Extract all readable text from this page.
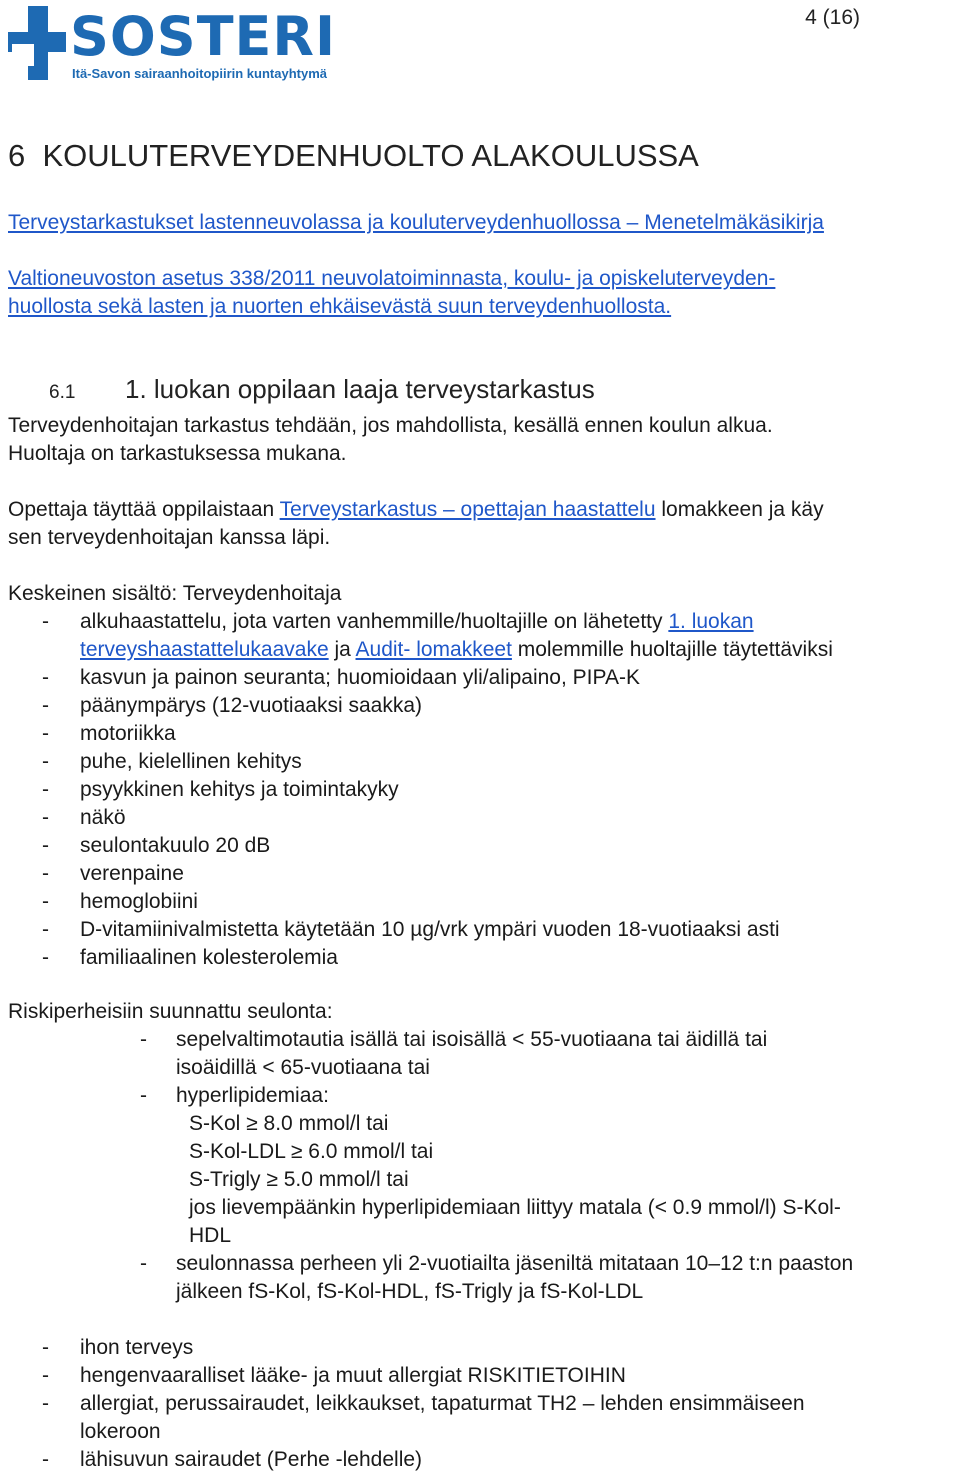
SOSTERI
Itä-Savon sairaanhoitopiirin kuntayhtymä
4 (16)
6 KOULUTERVEYDENHUOLTO ALAKOULUSSA
Terveystarkastukset lastenneuvolassa ja kouluterveydenhuollossa – Menetelmäkäsikirja
Valtioneuvoston asetus 338/2011 neuvolatoiminnasta, koulu- ja opiskeluterveyden-
huollosta sekä lasten ja nuorten ehkäisevästä suun terveydenhuollosta.
6.1 1. luokan oppilaan laaja terveystarkastus
Terveydenhoitajan tarkastus tehdään, jos mahdollista, kesällä ennen koulun alkua.
Huoltaja on tarkastuksessa mukana.
Opettaja täyttää oppilaistaan Terveystarkastus – opettajan haastattelu lomakkeen ja käy
sen terveydenhoitajan kanssa läpi.
Keskeinen sisältö: Terveydenhoitaja
- alkuhaastattelu, jota varten vanhemmille/huoltajille on lähetetty 1. luokan
terveyshaastattelukaavake ja Audit- lomakkeet molemmille huoltajille täytettäviksi
- kasvun ja painon seuranta; huomioidaan yli/alipaino, PIPA-K
- päänympärys (12-vuotiaaksi saakka)
- motoriikka
- puhe, kielellinen kehitys
- psyykkinen kehitys ja toimintakyky
- näkö
- seulontakuulo 20 dB
- verenpaine
- hemoglobiini
- D-vitamiinivalmistetta käytetään 10 µg/vrk ympäri vuoden 18-vuotiaaksi asti
- familiaalinen kolesterolemia
Riskiperheisiin suunnattu seulonta:
- sepelvaltimotautia isällä tai isoisällä < 55-vuotiaana tai äidillä tai
isoäidillä < 65-vuotiaana tai
- hyperlipidemiaa:
S-Kol ≥ 8.0 mmol/l tai
S-Kol-LDL ≥ 6.0 mmol/l tai
S-Trigly ≥ 5.0 mmol/l tai
jos lievempäänkin hyperlipidemiaan liittyy matala (< 0.9 mmol/l) S-Kol-
HDL
- seulonnassa perheen yli 2-vuotiailta jäseniltä mitataan 10–12 t:n paaston
jälkeen fS-Kol, fS-Kol-HDL, fS-Trigly ja fS-Kol-LDL
- ihon terveys
- hengenvaaralliset lääke- ja muut allergiat RISKITIETOIHIN
- allergiat, perussairaudet, leikkaukset, tapaturmat TH2 – lehden ensimmäiseen
lokeroon
- lähisuvun sairaudet (Perhe -lehdelle)
